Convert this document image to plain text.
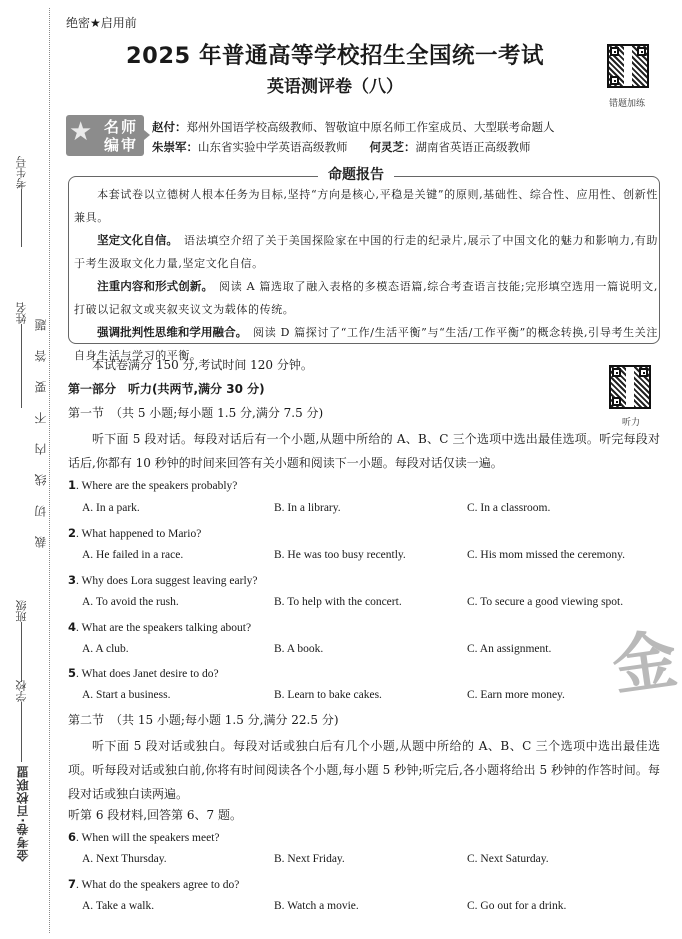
考生号
姓名
班级
学校
裁切线内不要答题
金考卷·百校联盟
绝密★启用前
2025 年普通高等学校招生全国统一考试
英语测评卷（八）
错题加练
★ 名师
编审
赵付：郑州外国语学校高级教师、智敬谊中原名师工作室成员、大型联考命题人
朱崇军：山东省实验中学英语高级教师 何灵芝：湖南省英语正高级教师
命题报告

本套试卷以立德树人根本任务为目标,坚持“方向是核心,平稳是关键”的原则,基础性、综合性、应用性、创新性兼具。

坚定文化自信。 语法填空介绍了关于美国探险家在中国的行走的纪录片,展示了中国文化的魅力和影响力,有助于考生汲取文化力量,坚定文化自信。

注重内容和形式创新。 阅读 A 篇选取了融入表格的多模态语篇,综合考查语言技能;完形填空选用一篇说明文,打破以记叙文或夹叙夹议文为载体的传统。

强调批判性思维和学用融合。 阅读 D 篇探讨了“工作/生活平衡”与“生活/工作平衡”的概念转换,引导考生关注自身生活与学习的平衡。

本试卷满分 150 分,考试时间 120 分钟。
第一部分　听力(共两节,满分 30 分)
第一节　（共 5 小题;每小题 1.5 分,满分 7.5 分)
听力

听下面 5 段对话。每段对话后有一个小题,从题中所给的 A、B、C 三个选项中选出最佳选项。听完每段对话后,你都有 10 秒钟的时间来回答有关小题和阅读下一小题。每段对话仅读一遍。

1. Where are the speakers probably?
A. In a park.	B. In a library.	C. In a classroom.
2. What happened to Mario?
A. He failed in a race.	B. He was too busy recently.	C. His mom missed the ceremony.
3. Why does Lora suggest leaving early?
A. To avoid the rush.	B. To help with the concert.	C. To secure a good viewing spot.
4. What are the speakers talking about?
A. A club.	B. A book.	C. An assignment.
5. What does Janet desire to do?
A. Start a business.	B. Learn to bake cakes.	C. Earn more money.
第二节　（共 15 小题;每小题 1.5 分,满分 22.5 分)

听下面 5 段对话或独白。每段对话或独白后有几个小题,从题中所给的 A、B、C 三个选项中选出最佳选项。听每段对话或独白前,你将有时间阅读各个小题,每小题 5 秒钟;听完后,各小题将给出 5 秒钟的作答时间。每段对话或独白读两遍。

听第 6 段材料,回答第 6、7 题。
6. When will the speakers meet?
A. Next Thursday.	B. Next Friday.	C. Next Saturday.
7. What do the speakers agree to do?
A. Take a walk.	B. Watch a movie.	C. Go out for a drink.
金
